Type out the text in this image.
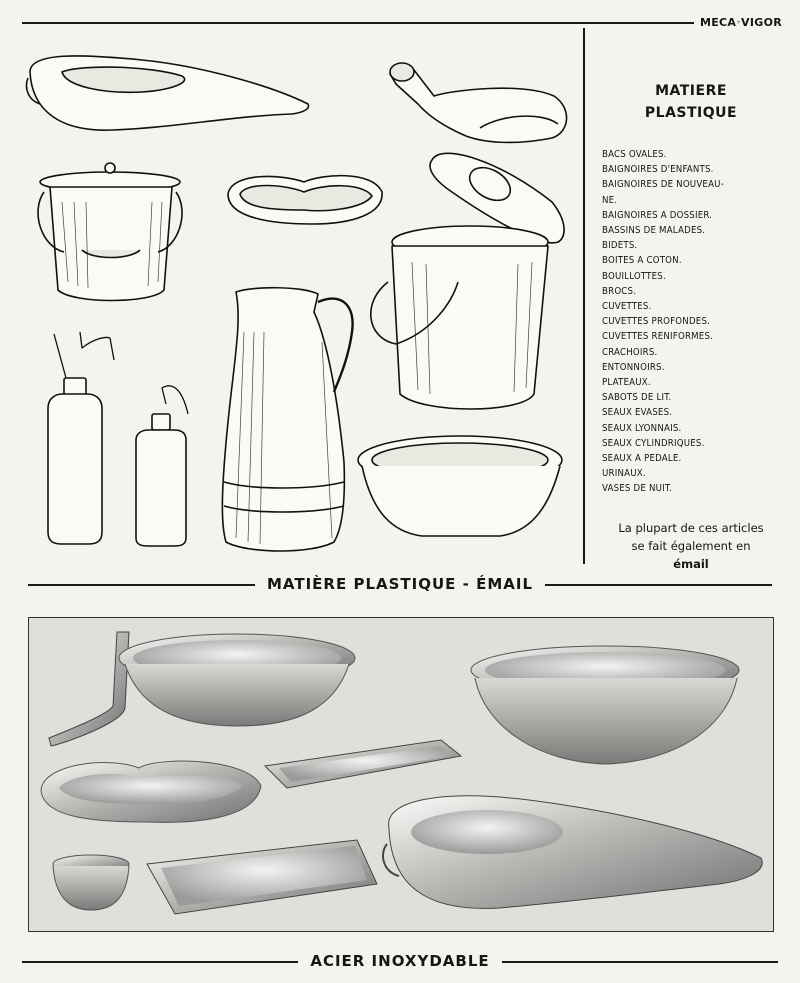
MECA VIGOR
MATIERE
PLASTIQUE
BACS OVALES.
BAIGNOIRES D'ENFANTS.
BAIGNOIRES DE NOUVEAU-
NE.
BAIGNOIRES A DOSSIER.
BASSINS DE MALADES.
BIDETS.
BOITES A COTON.
BOUILLOTTES.
BROCS.
CUVETTES.
CUVETTES PROFONDES.
CUVETTES RENIFORMES.
CRACHOIRS.
ENTONNOIRS.
PLATEAUX.
SABOTS DE LIT.
SEAUX EVASES.
SEAUX LYONNAIS.
SEAUX CYLINDRIQUES.
SEAUX A PEDALE.
URINAUX.
VASES DE NUIT.
La plupart de ces articles
se fait également en
émail
MATIÈRE PLASTIQUE - ÉMAIL
ACIER INOXYDABLE
